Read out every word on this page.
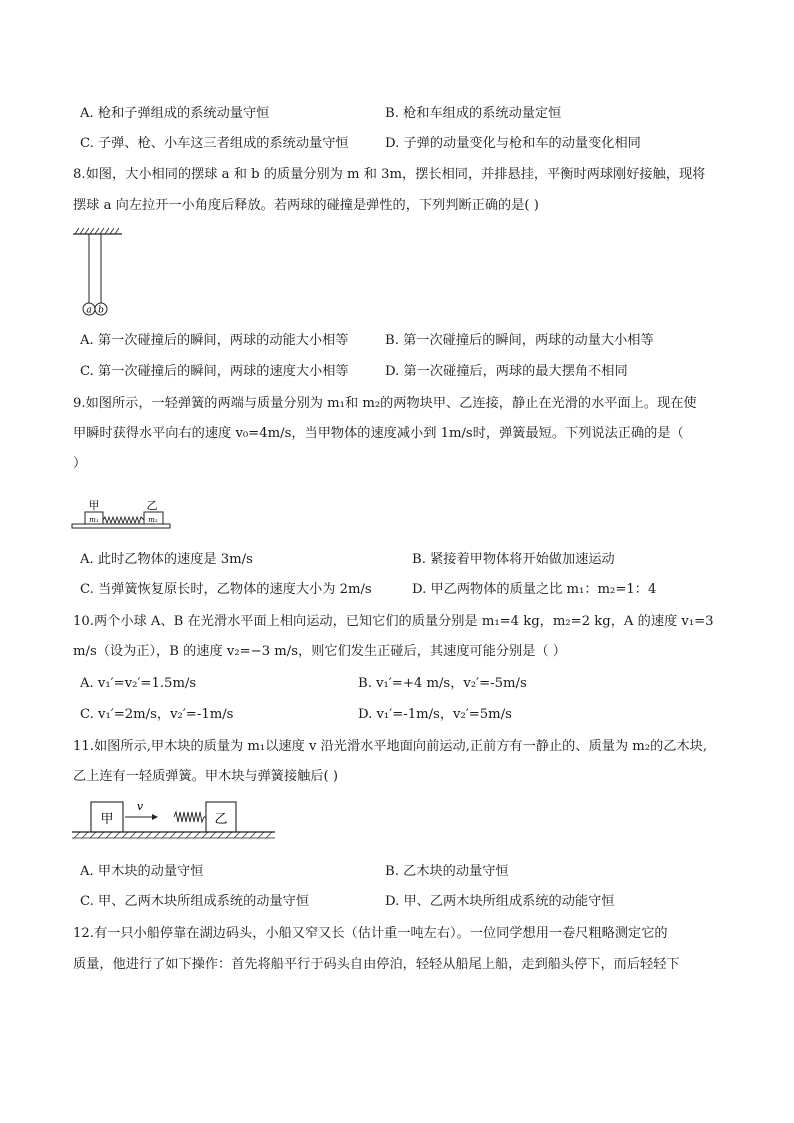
A. 枪和子弹组成的系统动量守恒	B. 枪和车组成的系统动量定恒
C. 子弹、枪、小车这三者组成的系统动量守恒	D. 子弹的动量变化与枪和车的动量变化相同
8.如图，大小相同的摆球 a 和 b 的质量分别为 m 和 3m，摆长相同，并排悬挂，平衡时两球刚好接触，现将
摆球 a 向左拉开一小角度后释放。若两球的碰撞是弹性的，下列判断正确的是( )
a b
A. 第一次碰撞后的瞬间，两球的动能大小相等	B. 第一次碰撞后的瞬间，两球的动量大小相等
C. 第一次碰撞后的瞬间，两球的速度大小相等	D. 第一次碰撞后，两球的最大摆角不相同
9.如图所示，一轻弹簧的两端与质量分别为 m₁和 m₂的两物块甲、乙连接，静止在光滑的水平面上。现在使
甲瞬时获得水平向右的速度 v₀=4m/s，当甲物体的速度减小到 1m/s时，弹簧最短。下列说法正确的是（
）
甲	乙
m₁	m₂
A. 此时乙物体的速度是 3m/s	B. 紧接着甲物体将开始做加速运动
C. 当弹簧恢复原长时，乙物体的速度大小为 2m/s	D. 甲乙两物体的质量之比 m₁：m₂=1：4
10.两个小球 A、B 在光滑水平面上相向运动，已知它们的质量分别是 m₁=4 kg，m₂=2 kg，A 的速度 v₁=3
m/s（设为正），B 的速度 v₂=−3 m/s，则它们发生正碰后，其速度可能分别是（ ）
A. v₁′=v₂′=1.5m/s	B. v₁′=+4 m/s，v₂′=-5m/s
C. v₁′=2m/s，v₂′=-1m/s	D. v₁′=-1m/s，v₂′=5m/s
11.如图所示,甲木块的质量为 m₁以速度 v 沿光滑水平地面向前运动,正前方有一静止的、质量为 m₂的乙木块,
乙上连有一轻质弹簧。甲木块与弹簧接触后( )
甲
v
乙
A. 甲木块的动量守恒	B. 乙木块的动量守恒
C. 甲、乙两木块所组成系统的动量守恒	D. 甲、乙两木块所组成系统的动能守恒
12.有一只小船停靠在湖边码头，小船又窄又长（估计重一吨左右）。一位同学想用一卷尺粗略测定它的
质量，他进行了如下操作：首先将船平行于码头自由停泊，轻轻从船尾上船，走到船头停下，而后轻轻下
